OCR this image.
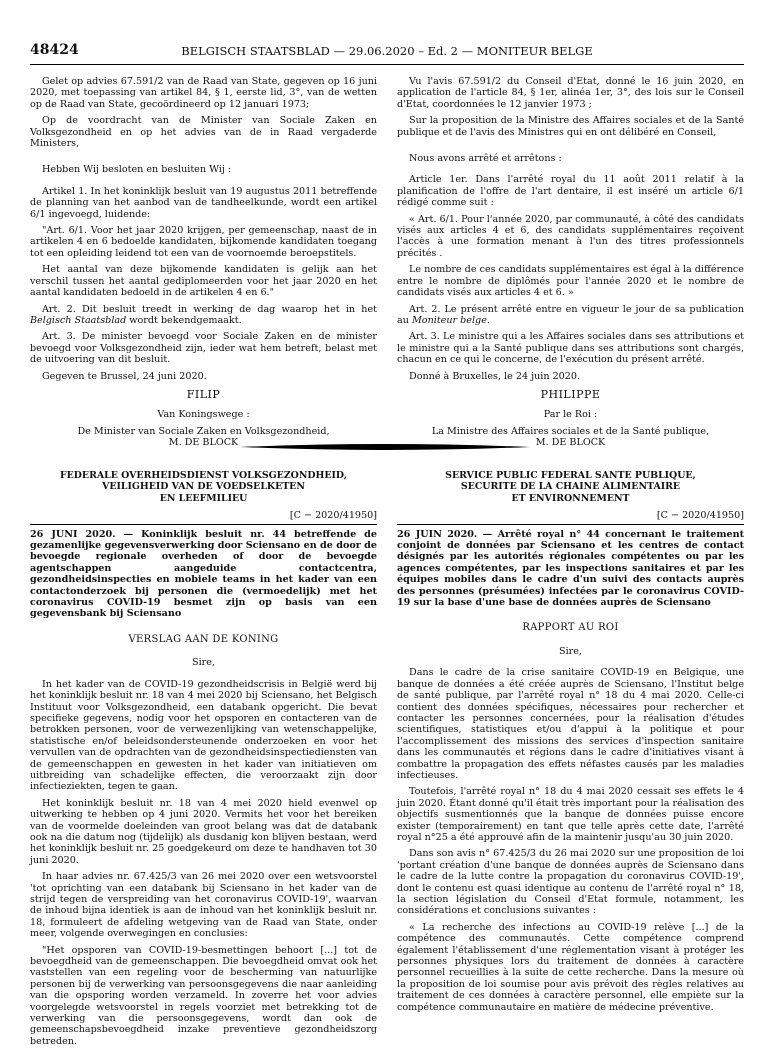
48424	BELGISCH STAATSBLAD — 29.06.2020 – Ed. 2 — MONITEUR BELGE

Gelet op advies 67.591/2 van de Raad van State, gegeven op 16 juni 2020, met toepassing van artikel 84, § 1, eerste lid, 3°, van de wetten op de Raad van State, gecoördineerd op 12 januari 1973;

Op de voordracht van de Minister van Sociale Zaken en Volksgezondheid en op het advies van de in Raad vergaderde Ministers,

Hebben Wij besloten en besluiten Wij :

Artikel 1. In het koninklijk besluit van 19 augustus 2011 betreffende de planning van het aanbod van de tandheelkunde, wordt een artikel 6/1 ingevoegd, luidende:

"Art. 6/1. Voor het jaar 2020 krijgen, per gemeenschap, naast de in artikelen 4 en 6 bedoelde kandidaten, bijkomende kandidaten toegang tot een opleiding leidend tot een van de voornoemde beroepstitels.

Het aantal van deze bijkomende kandidaten is gelijk aan het verschil tussen het aantal gediplomeerden voor het jaar 2020 en het aantal kandidaten bedoeld in de artikelen 4 en 6."

Art. 2. Dit besluit treedt in werking de dag waarop het in het Belgisch Staatsblad wordt bekendgemaakt.

Art. 3. De minister bevoegd voor Sociale Zaken en de minister bevoegd voor Volksgezondheid zijn, ieder wat hem betreft, belast met de uitvoering van dit besluit.

Gegeven te Brussel, 24 juni 2020.

FILIP

Van Koningswege :

De Minister van Sociale Zaken en Volksgezondheid,

M. DE BLOCK

FEDERALE OVERHEIDSDIENST VOLKSGEZONDHEID,

VEILIGHEID VAN DE VOEDSELKETEN

EN LEEFMILIEU

[C − 2020/41950]

26 JUNI 2020. — Koninklijk besluit nr. 44 betreffende de gezamenlijke gegevensverwerking door Sciensano en de door de bevoegde regionale overheden of door de bevoegde agentschappen aangeduide contactcentra, gezondheidsinspecties en mobiele teams in het kader van een contactonderzoek bij personen die (vermoedelijk) met het coronavirus COVID-19 besmet zijn op basis van een gegevensbank bij Sciensano

VERSLAG AAN DE KONING

Sire,

In het kader van de COVID-19 gezondheidscrisis in België werd bij het koninklijk besluit nr. 18 van 4 mei 2020 bij Sciensano, het Belgisch Instituut voor Volksgezondheid, een databank opgericht. Die bevat specifieke gegevens, nodig voor het opsporen en contacteren van de betrokken personen, voor de verwezenlijking van wetenschappelijke, statistische en/of beleidsondersteunende onderzoeken en voor het vervullen van de opdrachten van de gezondheidsinspectiediensten van de gemeenschappen en gewesten in het kader van initiatieven om uitbreiding van schadelijke effecten, die veroorzaakt zijn door infectieziekten, tegen te gaan.

Het koninklijk besluit nr. 18 van 4 mei 2020 hield evenwel op uitwerking te hebben op 4 juni 2020. Vermits het voor het bereiken van de voormelde doeleinden van groot belang was dat de databank ook na die datum nog (tijdelijk) als dusdanig kon blijven bestaan, werd het koninklijk besluit nr. 25 goedgekeurd om deze te handhaven tot 30 juni 2020.

In haar advies nr. 67.425/3 van 26 mei 2020 over een wetsvoorstel 'tot oprichting van een databank bij Sciensano in het kader van de strijd tegen de verspreiding van het coronavirus COVID-19', waarvan de inhoud bijna identiek is aan de inhoud van het koninklijk besluit nr. 18, formuleert de afdeling wetgeving van de Raad van State, onder meer, volgende overwegingen en conclusies:

"Het opsporen van COVID-19-besmettingen behoort [...] tot de bevoegdheid van de gemeenschappen. Die bevoegdheid omvat ook het vaststellen van een regeling voor de bescherming van natuurlijke personen bij de verwerking van persoonsgegevens die naar aanleiding van die opsporing worden verzameld. In zoverre het voor advies voorgelegde wetsvoorstel in regels voorziet met betrekking tot de verwerking van die persoonsgegevens, wordt dan ook de gemeenschapsbevoegdheid inzake preventieve gezondheidszorg betreden.

Vu l'avis 67.591/2 du Conseil d'Etat, donné le 16 juin 2020, en application de l'article 84, § 1er, alinéa 1er, 3°, des lois sur le Conseil d'Etat, coordonnées le 12 janvier 1973 ;

Sur la proposition de la Ministre des Affaires sociales et de la Santé publique et de l'avis des Ministres qui en ont délibéré en Conseil,

Nous avons arrêté et arrêtons :

Article 1er. Dans l'arrêté royal du 11 août 2011 relatif à la planification de l'offre de l'art dentaire, il est inséré un article 6/1 rédigé comme suit :

« Art. 6/1. Pour l'année 2020, par communauté, à côté des candidats visés aux articles 4 et 6, des candidats supplémentaires reçoivent l'accès à une formation menant à l'un des titres professionnels précités .

Le nombre de ces candidats supplémentaires est égal à la différence entre le nombre de diplômés pour l'année 2020 et le nombre de candidats visés aux articles 4 et 6. »

Art. 2. Le présent arrêté entre en vigueur le jour de sa publication au Moniteur belge.

Art. 3. Le ministre qui a les Affaires sociales dans ses attributions et le ministre qui a la Santé publique dans ses attributions sont chargés, chacun en ce qui le concerne, de l'exécution du présent arrêté.

Donné à Bruxelles, le 24 juin 2020.

PHILIPPE

Par le Roi :

La Ministre des Affaires sociales et de la Santé publique,

M. DE BLOCK

SERVICE PUBLIC FEDERAL SANTE PUBLIQUE,

SECURITE DE LA CHAINE ALIMENTAIRE

ET ENVIRONNEMENT

[C − 2020/41950]

26 JUIN 2020. — Arrêté royal n° 44 concernant le traitement conjoint de données par Sciensano et les centres de contact désignés par les autorités régionales compétentes ou par les agences compétentes, par les inspections sanitaires et par les équipes mobiles dans le cadre d'un suivi des contacts auprès des personnes (présumées) infectées par le coronavirus COVID-19 sur la base d'une base de données auprès de Sciensano

RAPPORT AU ROI

Sire,

Dans le cadre de la crise sanitaire COVID-19 en Belgique, une banque de données a été créée auprès de Sciensano, l'Institut belge de santé publique, par l'arrêté royal n° 18 du 4 mai 2020. Celle-ci contient des données spécifiques, nécessaires pour rechercher et contacter les personnes concernées, pour la réalisation d'études scientifiques, statistiques et/ou d'appui à la politique et pour l'accomplissement des missions des services d'inspection sanitaire dans les communautés et régions dans le cadre d'initiatives visant à combattre la propagation des effets néfastes causés par les maladies infectieuses.

Toutefois, l'arrêté royal n° 18 du 4 mai 2020 cessait ses effets le 4 juin 2020. Étant donné qu'il était très important pour la réalisation des objectifs susmentionnés que la banque de données puisse encore exister (temporairement) en tant que telle après cette date, l'arrêté royal n°25 a été approuvé afin de la maintenir jusqu'au 30 juin 2020.

Dans son avis n° 67.425/3 du 26 mai 2020 sur une proposition de loi 'portant création d'une banque de données auprès de Sciensano dans le cadre de la lutte contre la propagation du coronavirus COVID-19', dont le contenu est quasi identique au contenu de l'arrêté royal n° 18, la section législation du Conseil d'Etat formule, notamment, les considérations et conclusions suivantes :

« La recherche des infections au COVID-19 relève [...] de la compétence des communautés. Cette compétence comprend également l'établissement d'une réglementation visant à protéger les personnes physiques lors du traitement de données à caractère personnel recueillies à la suite de cette recherche. Dans la mesure où la proposition de loi soumise pour avis prévoit des règles relatives au traitement de ces données à caractère personnel, elle empiète sur la compétence communautaire en matière de médecine préventive.
